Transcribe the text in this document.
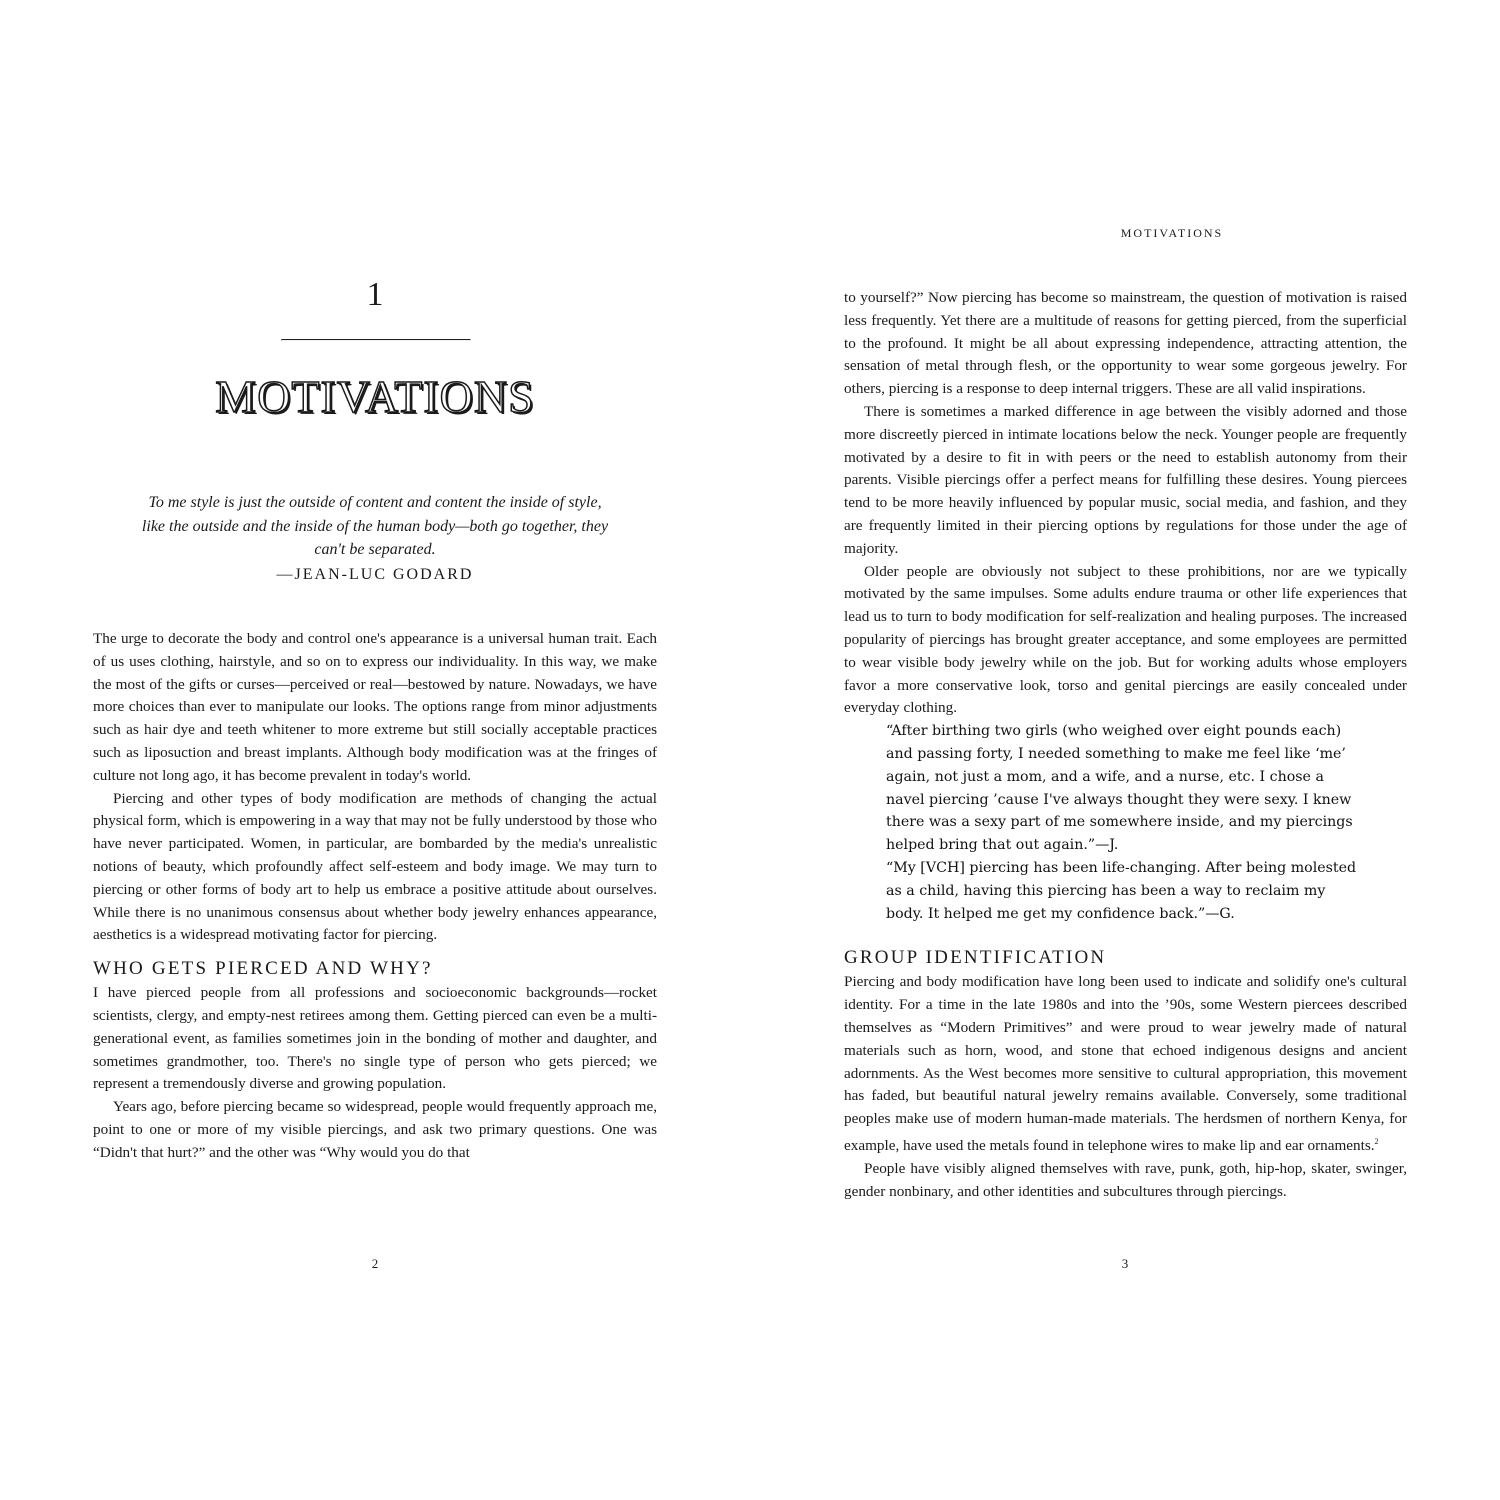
1
MOTIVATIONS

To me style is just the outside of content and content the inside of style, like the outside and the inside of the human body—both go together, they can't be separated.

—JEAN-LUC GODARD

The urge to decorate the body and control one's appearance is a universal human trait. Each of us uses clothing, hairstyle, and so on to express our individuality. In this way, we make the most of the gifts or curses—perceived or real—bestowed by nature. Nowadays, we have more choices than ever to manipulate our looks. The options range from minor adjustments such as hair dye and teeth whitener to more extreme but still socially acceptable practices such as liposuction and breast implants. Although body modification was at the fringes of culture not long ago, it has become prevalent in today's world.

Piercing and other types of body modification are methods of changing the actual physical form, which is empowering in a way that may not be fully understood by those who have never participated. Women, in particular, are bombarded by the media's unrealistic notions of beauty, which profoundly affect self-esteem and body image. We may turn to piercing or other forms of body art to help us embrace a positive attitude about ourselves. While there is no unanimous consensus about whether body jewelry enhances appearance, aesthetics is a widespread motivating factor for piercing.

WHO GETS PIERCED AND WHY?

I have pierced people from all professions and socioeconomic backgrounds—rocket scientists, clergy, and empty-nest retirees among them. Getting pierced can even be a multi-generational event, as families sometimes join in the bonding of mother and daughter, and sometimes grandmother, too. There's no single type of person who gets pierced; we represent a tremendously diverse and growing population.

Years ago, before piercing became so widespread, people would frequently approach me, point to one or more of my visible piercings, and ask two primary questions. One was “Didn't that hurt?” and the other was “Why would you do that

2

MOTIVATIONS

to yourself?” Now piercing has become so mainstream, the question of motivation is raised less frequently. Yet there are a multitude of reasons for getting pierced, from the superficial to the profound. It might be all about expressing independence, attracting attention, the sensation of metal through flesh, or the opportunity to wear some gorgeous jewelry. For others, piercing is a response to deep internal triggers. These are all valid inspirations.

There is sometimes a marked difference in age between the visibly adorned and those more discreetly pierced in intimate locations below the neck. Younger people are frequently motivated by a desire to fit in with peers or the need to establish autonomy from their parents. Visible piercings offer a perfect means for fulfilling these desires. Young piercees tend to be more heavily influenced by popular music, social media, and fashion, and they are frequently limited in their piercing options by regulations for those under the age of majority.

Older people are obviously not subject to these prohibitions, nor are we typically motivated by the same impulses. Some adults endure trauma or other life experiences that lead us to turn to body modification for self-realization and healing purposes. The increased popularity of piercings has brought greater acceptance, and some employees are permitted to wear visible body jewelry while on the job. But for working adults whose employers favor a more conservative look, torso and genital piercings are easily concealed under everyday clothing.

“After birthing two girls (who weighed over eight pounds each) and passing forty, I needed something to make me feel like ‘me’ again, not just a mom, and a wife, and a nurse, etc. I chose a navel piercing ’cause I've always thought they were sexy. I knew there was a sexy part of me somewhere inside, and my piercings helped bring that out again.”—J.

“My [VCH] piercing has been life-changing. After being molested as a child, having this piercing has been a way to reclaim my body. It helped me get my confidence back.”—G.

GROUP IDENTIFICATION

Piercing and body modification have long been used to indicate and solidify one's cultural identity. For a time in the late 1980s and into the ’90s, some Western piercees described themselves as “Modern Primitives” and were proud to wear jewelry made of natural materials such as horn, wood, and stone that echoed indigenous designs and ancient adornments. As the West becomes more sensitive to cultural appropriation, this movement has faded, but beautiful natural jewelry remains available. Conversely, some traditional peoples make use of modern human-made materials. The herdsmen of northern Kenya, for example, have used the metals found in telephone wires to make lip and ear ornaments.$^2$

People have visibly aligned themselves with rave, punk, goth, hip-hop, skater, swinger, gender nonbinary, and other identities and subcultures through piercings.

3
